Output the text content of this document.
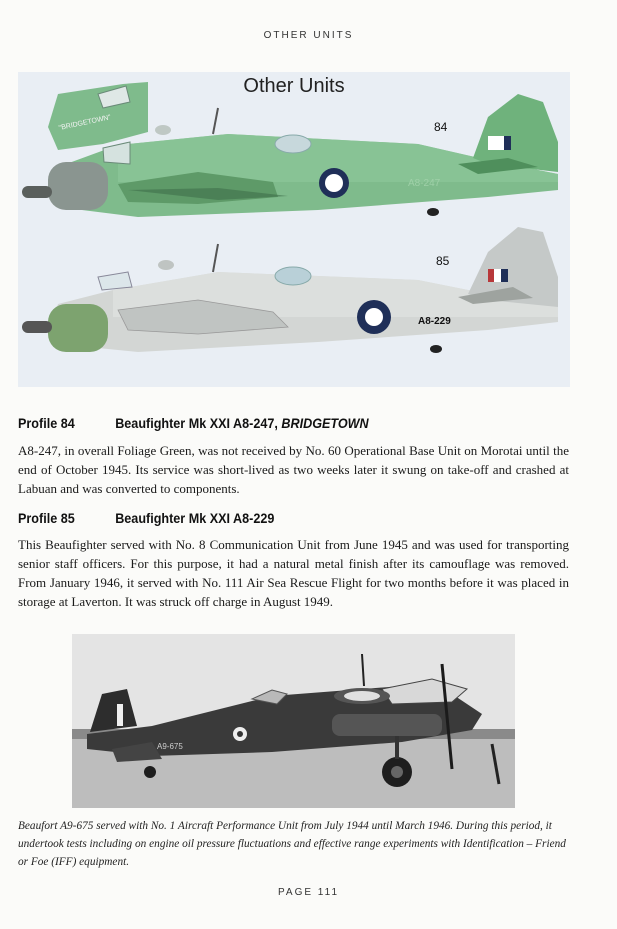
OTHER UNITS
"BRIDGETOWN"
Other Units
84
85
A8-247
A8-229
Profile 84	Beaufighter Mk XXI A8-247, BRIDGETOWN
A8-247, in overall Foliage Green, was not received by No. 60 Operational Base Unit on Morotai until the end of October 1945. Its service was short-lived as two weeks later it swung on take-off and crashed at Labuan and was converted to components.
Profile 85	Beaufighter Mk XXI A8-229
This Beaufighter served with No. 8 Communication Unit from June 1945 and was used for transporting senior staff officers. For this purpose, it had a natural metal finish after its camouflage was removed. From January 1946, it served with No. 111 Air Sea Rescue Flight for two months before it was placed in storage at Laverton. It was struck off charge in August 1949.
A9-675
Beaufort A9-675 served with No. 1 Aircraft Performance Unit from July 1944 until March 1946. During this period, it undertook tests including on engine oil pressure fluctuations and effective range experiments with Identification – Friend or Foe (IFF) equipment.
PAGE 111
